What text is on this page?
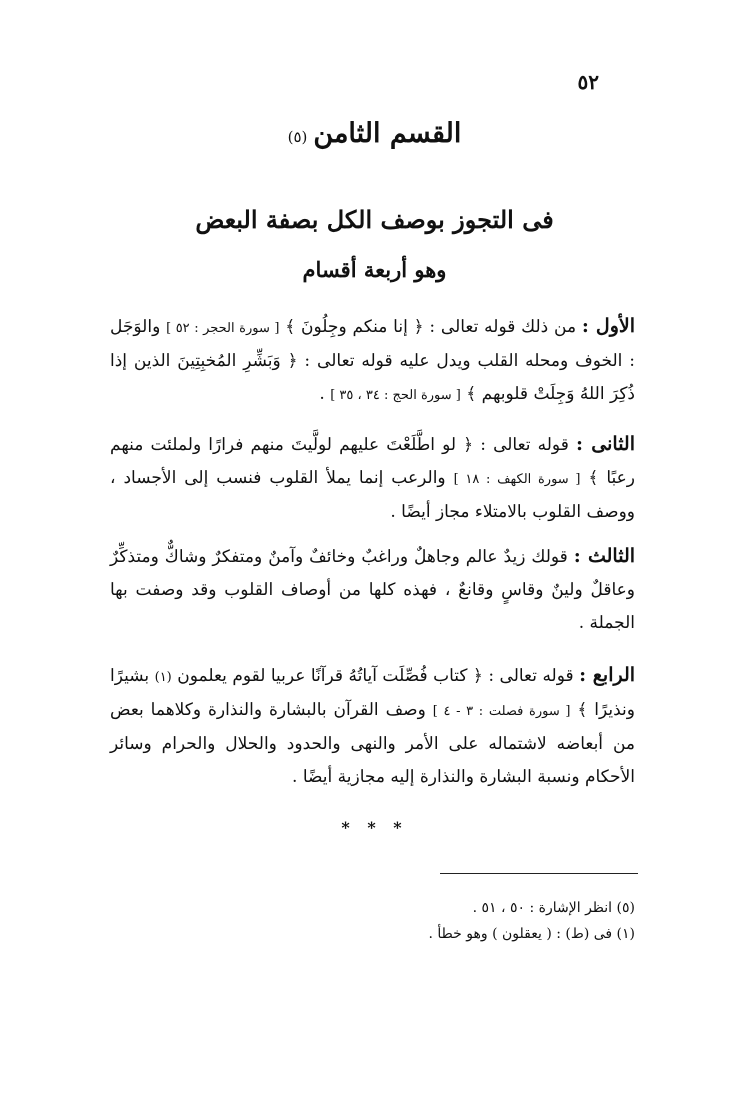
٥٢
القسم الثامن(٥)
فى التجوز بوصف الكل بصفة البعض
وهو أربعة أقسام
الأول : من ذلك قوله تعالى : ﴿ إنا منكم وجِلُونَ ﴾ [ سورة الحجر : ٥٢ ] والوَجَل : الخوف ومحله القلب ويدل عليه قوله تعالى : ﴿ وَبَشِّرِ المُخبِتِينَ الذين إذا ذُكِرَ اللهُ وَجِلَتْ قلوبهم ﴾ [ سورة الحج : ٣٤ ، ٣٥ ] .
الثانى : قوله تعالى : ﴿ لو اطَّلَعْتَ عليهم لولَّيتَ منهم فرارًا ولملئت منهم رعبًا ﴾ [ سورة الكهف : ١٨ ] والرعب إنما يملأ القلوب فنسب إلى الأجساد ، ووصف القلوب بالامتلاء مجاز أيضًا .
الثالث : قولك زيدٌ عالم وجاهلٌ وراغبٌ وخائفٌ وآمنٌ ومتفكرٌ وشاكٌّ ومتذكِّرٌ وعاقلٌ ولينٌ وقاسٍ وقانعٌ ، فهذه كلها من أوصاف القلوب وقد وصفت بها الجملة .
الرابع : قوله تعالى : ﴿ كتاب فُصِّلَت آياتُهُ قرآنًا عربيا لقوم يعلمون (١) بشيرًا ونذيرًا ﴾ [ سورة فصلت : ٣ - ٤ ] وصف القرآن بالبشارة والنذارة وكلاهما بعض من أبعاضه لاشتماله على الأمر والنهى والحدود والحلال والحرام وسائر الأحكام ونسبة البشارة والنذارة إليه مجازية أيضًا .
* * *
(٥) انظر الإشارة : ٥٠ ، ٥١ .
(١) فى (ط) : ( يعقلون ) وهو خطأ .
